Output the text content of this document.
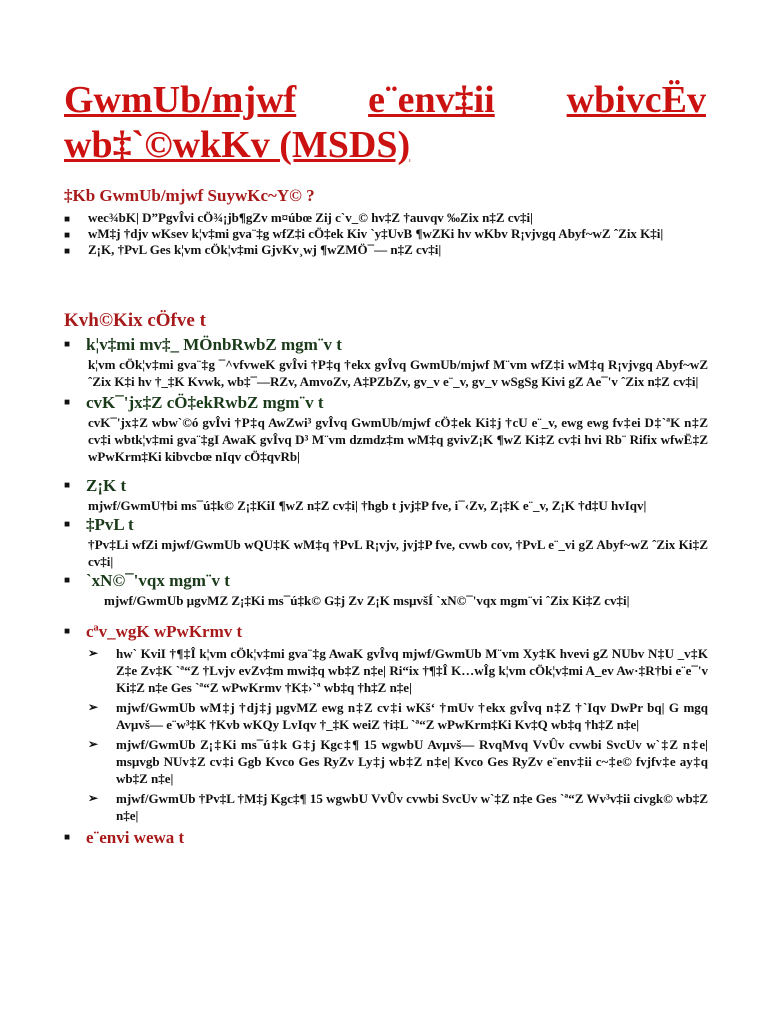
GwmUb/mjwf e¨env‡ii wbivcËv
wb‡`©wkKv (MSDS)
‡Kb GwmUb/mjwf SuywKc~Y© ?
■ wec¾bK| D”PgvÎvi cÖ¾¡jb¶gZv m¤úbœ Zij c`v_© hv‡Z †auvqv ‰Zix n‡Z cv‡i|
■ wM‡j †djv wKsev k¦v‡mi gva¨‡g wfZ‡i cÖ‡ek Kiv `y‡UvB ¶wZKi hv wKbv R¡vjvgq Abyf~wZ ˆZix K‡i|
■ Z¡K, †PvL Ges k¦vm cÖk¦v‡mi GjvKv¸wj ¶wZMÖ¯— n‡Z cv‡i|
Kvh©Kix cÖfve t
■ k¦v‡mi mv‡_ MÖnbRwbZ mgm¨v t
k¦vm cÖk¦v‡mi gva¨‡g ¯^vfvweK gvÎvi †P‡q †ekx gvÎvq GwmUb/mjwf M¨vm wfZ‡i wM‡q R¡vjvgq Abyf~wZ ˆZix K‡i hv †_‡K Kvwk, wb‡¯—RZv, AmvoZv, A‡PZbZv, gv_v e¨_v, gv_v wSgSg Kivi gZ Ae¯'v ˆZix n‡Z cv‡i|
■ cvK¯'jx‡Z cÖ‡ekRwbZ mgm¨v t
cvK¯'jx‡Z wbw`©ó gvÎvi †P‡q AwZwi³ gvÎvq GwmUb/mjwf cÖ‡ek Ki‡j †cU e¨_v, ewg ewg fv‡ei D‡`ªK n‡Z cv‡i wbtk¦v‡mi gva¨‡gI AwaK gvÎvq D³ M¨vm dzmdz‡m wM‡q gvivZ¡K ¶wZ Ki‡Z cv‡i hvi Rb¨ Rifix wfwË‡Z wPwKrm‡Ki kibvcbœ nIqv cÖ‡qvRb|
■ Z¡K t
mjwf/GwmU†bi ms¯ú‡k© Z¡‡KiI ¶wZ n‡Z cv‡i| †hgb t jvj‡P fve, i¯‹Zv, Z¡‡K e¨_v, Z¡K †d‡U hvIqv|
■ ‡PvL t
†Pv‡Li wfZi mjwf/GwmUb wQU‡K wM‡q †PvL R¡vjv, jvj‡P fve, cvwb cov, †PvL e¨_vi gZ Abyf~wZ ˆZix Ki‡Z cv‡i|
■ `xN©¯'vqx mgm¨v t
mjwf/GwmUb µgvMZ Z¡‡Ki ms¯ú‡k© G‡j Zv Z¡K msµvšÍ `xN©¯'vqx mgm¨vi ˆZix Ki‡Z cv‡i|
■ cªv_wgK wPwKrmv t
➢ hw` KviI †¶‡Î k¦vm cÖk¦v‡mi gva¨‡g AwaK gvÎvq mjwf/GwmUb M¨vm Xy‡K hvevi gZ NUbv N‡U _v‡K Z‡e Zv‡K `ª“Z †Lvjv evZv‡m mwi‡q wb‡Z n‡e| Ri“ix †¶‡Î K…wÎg k¦vm cÖk¦v‡mi A_ev Aw·‡R†bi e¨e¯'v Ki‡Z n‡e Ges `ª“Z wPwKrmv †K‡›`ª wb‡q †h‡Z n‡e|
➢ mjwf/GwmUb wM‡j †dj‡j µgvMZ ewg n‡Z cv‡i wKš‘ †mUv †ekx gvÎvq n‡Z †`Iqv DwPr bq| G mgq Avµvš— e¨w³‡K †Kvb wKQy LvIqv †_‡K weiZ †i‡L `ª“Z wPwKrm‡Ki Kv‡Q wb‡q †h‡Z n‡e|
➢ mjwf/GwmUb Z¡‡Ki ms¯ú‡k G‡j Kgc‡¶ 15 wgwbU Avµvš— RvqMvq VvÛv cvwbi SvcUv w`‡Z n‡e| msµvgb NUv‡Z cv‡i Ggb Kvco Ges RyZv Ly‡j wb‡Z n‡e| Kvco Ges RyZv e¨env‡ii c~‡e© fvjfv‡e ay‡q wb‡Z n‡e|
➢ mjwf/GwmUb †Pv‡L †M‡j Kgc‡¶ 15 wgwbU VvÛv cvwbi SvcUv w`‡Z n‡e Ges `ª“Z Wv³v‡ii civgk© wb‡Z n‡e|
■ e¨envi wewa t
